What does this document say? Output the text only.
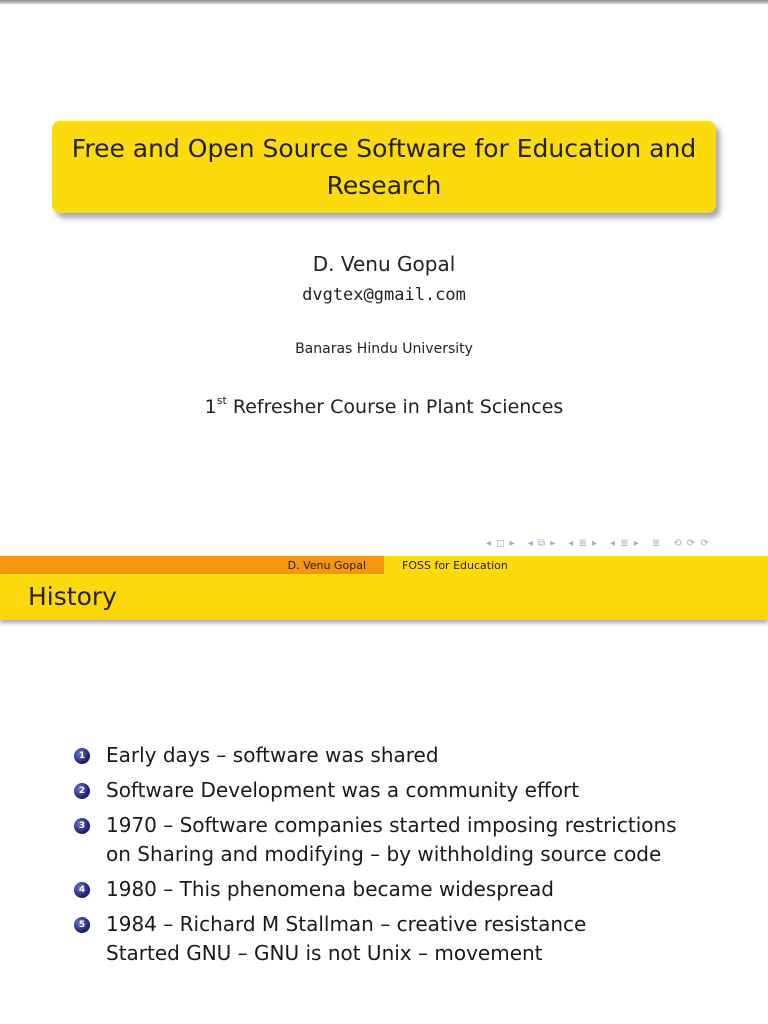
Free and Open Source Software for Education and Research
D. Venu Gopal
dvgtex@gmail.com
Banaras Hindu University
1st Refresher Course in Plant Sciences
◂ ◻ ▸ ◂ ⧉ ▸ ◂ ≣ ▸ ◂ ≣ ▸ ≣ ⟲ ⟳ ⟳
D. Venu Gopal	FOSS for Education
History
1 Early days – software was shared
2 Software Development was a community effort
3 1970 – Software companies started imposing restrictions
on Sharing and modifying – by withholding source code
4 1980 – This phenomena became widespread
5 1984 – Richard M Stallman – creative resistance
Started GNU – GNU is not Unix – movement
